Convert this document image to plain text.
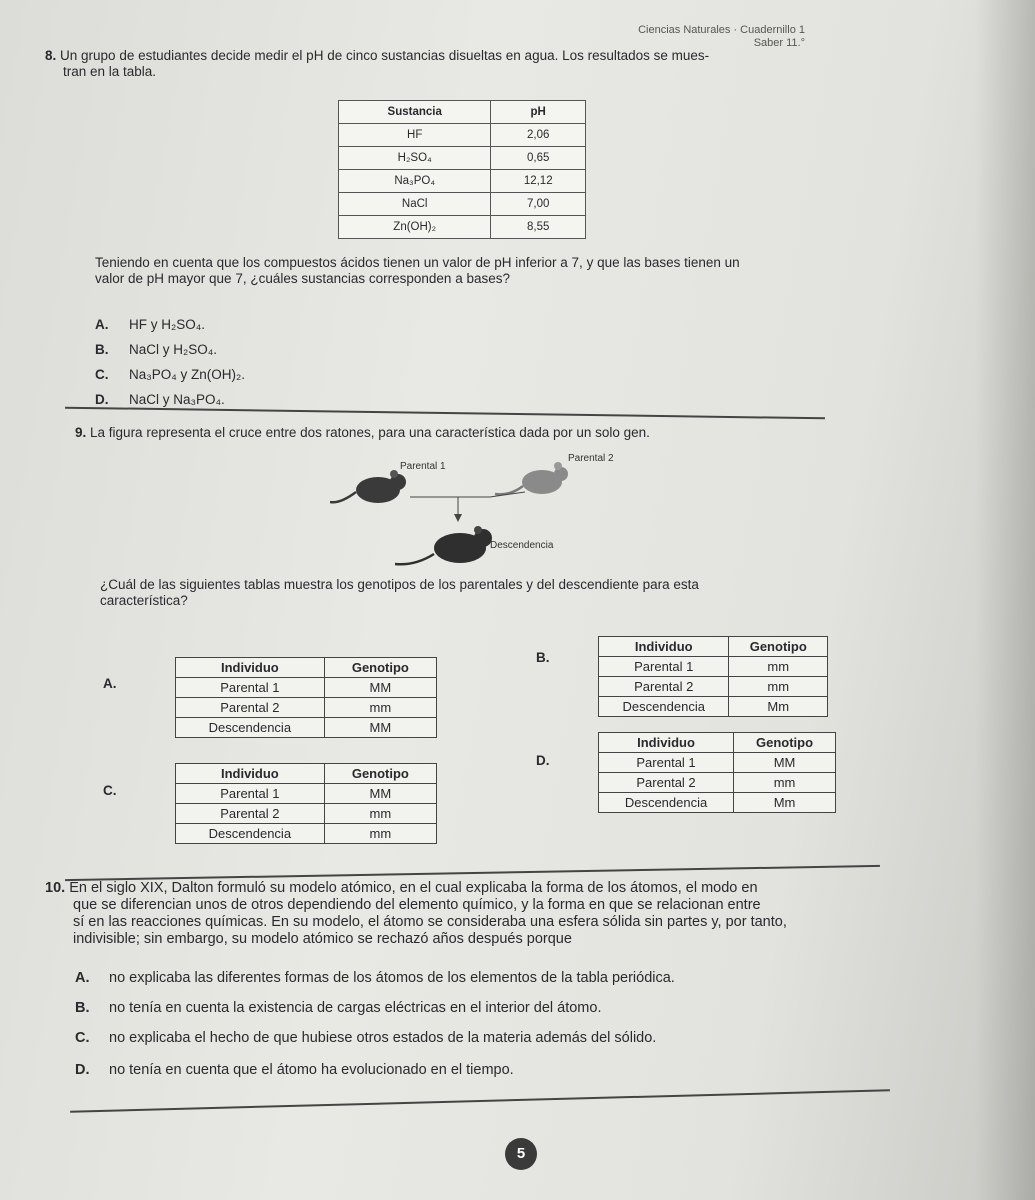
Ciencias Naturales · Cuadernillo 1
Saber 11.°
8. Un grupo de estudiantes decide medir el pH de cinco sustancias disueltas en agua. Los resultados se mues-
tran en la tabla.
Sustancia	pH
HF	2,06
H₂SO₄	0,65
Na₃PO₄	12,12
NaCl	7,00
Zn(OH)₂	8,55
Teniendo en cuenta que los compuestos ácidos tienen un valor de pH inferior a 7, y que las bases tienen un
valor de pH mayor que 7, ¿cuáles sustancias corresponden a bases?
A. HF y H₂SO₄.
B. NaCl y H₂SO₄.
C. Na₃PO₄ y Zn(OH)₂.
D. NaCl y Na₃PO₄.
9. La figura representa el cruce entre dos ratones, para una característica dada por un solo gen.
Parental 1
Parental 2
Descendencia
¿Cuál de las siguientes tablas muestra los genotipos de los parentales y del descendiente para esta
característica?
A.
Individuo	Genotipo
Parental 1	MM
Parental 2	mm
Descendencia	MM
B.
Individuo	Genotipo
Parental 1	mm
Parental 2	mm
Descendencia	Mm
C.
Individuo	Genotipo
Parental 1	MM
Parental 2	mm
Descendencia	mm
D.
Individuo	Genotipo
Parental 1	MM
Parental 2	mm
Descendencia	Mm
10. En el siglo XIX, Dalton formuló su modelo atómico, en el cual explicaba la forma de los átomos, el modo en
que se diferencian unos de otros dependiendo del elemento químico, y la forma en que se relacionan entre
sí en las reacciones químicas. En su modelo, el átomo se consideraba una esfera sólida sin partes y, por tanto,
indivisible; sin embargo, su modelo atómico se rechazó años después porque
A. no explicaba las diferentes formas de los átomos de los elementos de la tabla periódica.
B. no tenía en cuenta la existencia de cargas eléctricas en el interior del átomo.
C. no explicaba el hecho de que hubiese otros estados de la materia además del sólido.
D. no tenía en cuenta que el átomo ha evolucionado en el tiempo.
5
